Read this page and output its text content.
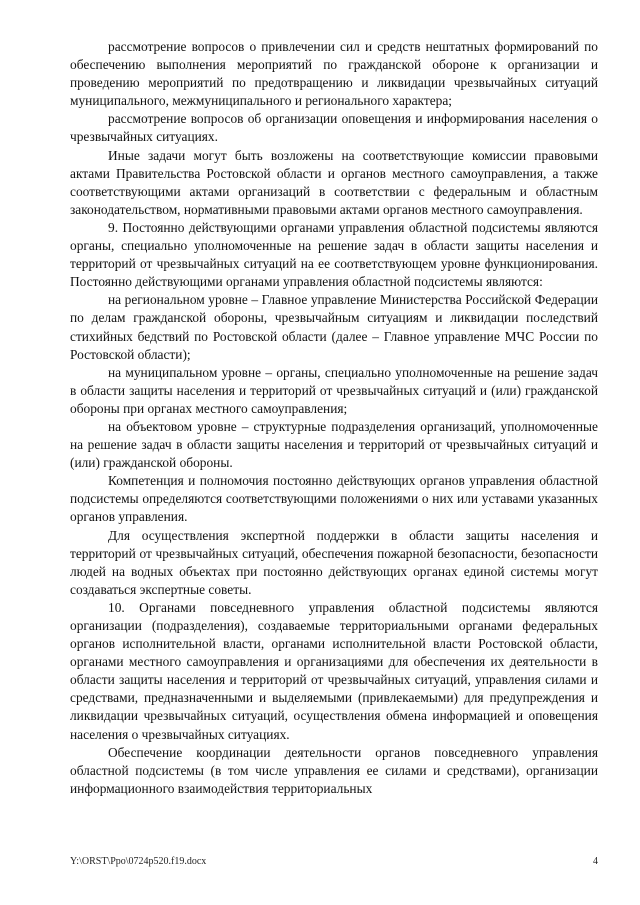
рассмотрение вопросов о привлечении сил и средств нештатных формирований по обеспечению выполнения мероприятий по гражданской обороне к организации и проведению мероприятий по предотвращению и ликвидации чрезвычайных ситуаций муниципального, межмуниципального и регионального характера;

рассмотрение вопросов об организации оповещения и информирования населения о чрезвычайных ситуациях.

Иные задачи могут быть возложены на соответствующие комиссии правовыми актами Правительства Ростовской области и органов местного самоуправления, а также соответствующими актами организаций в соответствии с федеральным и областным законодательством, нормативными правовыми актами органов местного самоуправления.

9. Постоянно действующими органами управления областной подсистемы являются органы, специально уполномоченные на решение задач в области защиты населения и территорий от чрезвычайных ситуаций на ее соответствующем уровне функционирования. Постоянно действующими органами управления областной подсистемы являются:

на региональном уровне – Главное управление Министерства Российской Федерации по делам гражданской обороны, чрезвычайным ситуациям и ликвидации последствий стихийных бедствий по Ростовской области (далее – Главное управление МЧС России по Ростовской области);

на муниципальном уровне – органы, специально уполномоченные на решение задач в области защиты населения и территорий от чрезвычайных ситуаций и (или) гражданской обороны при органах местного самоуправления;

на объектовом уровне – структурные подразделения организаций, уполномоченные на решение задач в области защиты населения и территорий от чрезвычайных ситуаций и (или) гражданской обороны.

Компетенция и полномочия постоянно действующих органов управления областной подсистемы определяются соответствующими положениями о них или уставами указанных органов управления.

Для осуществления экспертной поддержки в области защиты населения и территорий от чрезвычайных ситуаций, обеспечения пожарной безопасности, безопасности людей на водных объектах при постоянно действующих органах единой системы могут создаваться экспертные советы.

10. Органами повседневного управления областной подсистемы являются организации (подразделения), создаваемые территориальными органами федеральных органов исполнительной власти, органами исполнительной власти Ростовской области, органами местного самоуправления и организациями для обеспечения их деятельности в области защиты населения и территорий от чрезвычайных ситуаций, управления силами и средствами, предназначенными и выделяемыми (привлекаемыми) для предупреждения и ликвидации чрезвычайных ситуаций, осуществления обмена информацией и оповещения населения о чрезвычайных ситуациях.

Обеспечение координации деятельности органов повседневного управления областной подсистемы (в том числе управления ее силами и средствами), организации информационного взаимодействия территориальных

Y:\ORST\Ppo\0724p520.f19.docx	4
